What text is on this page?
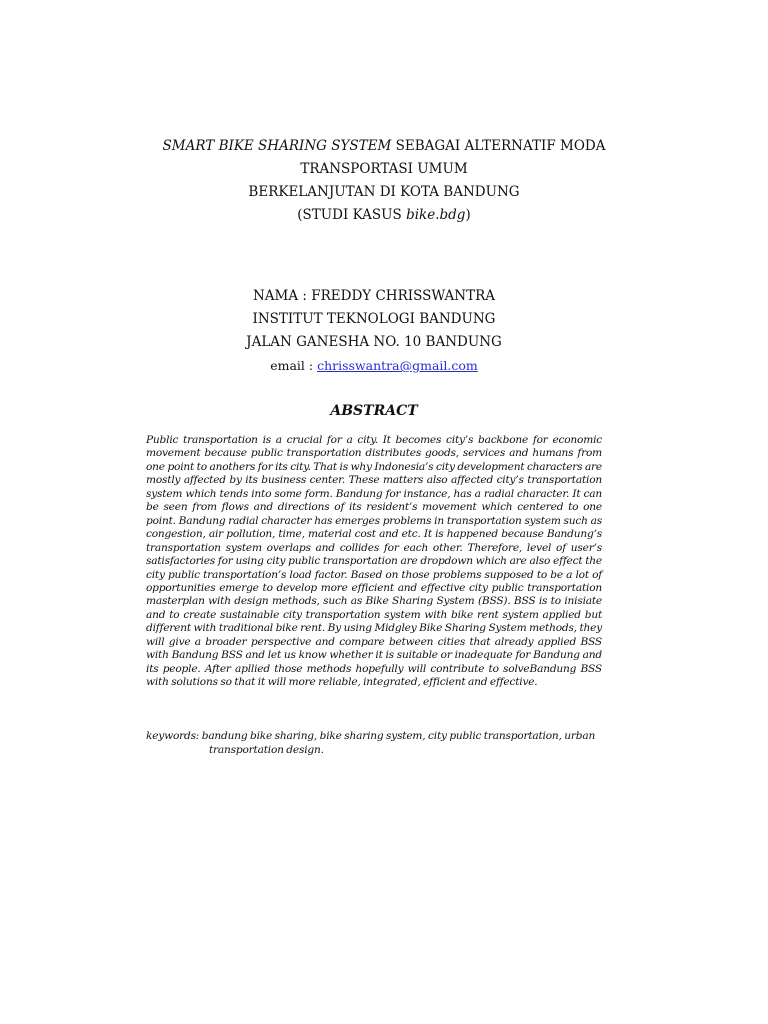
SMART BIKE SHARING SYSTEM SEBAGAI ALTERNATIF MODA
TRANSPORTASI UMUM
BERKELANJUTAN DI KOTA BANDUNG
(STUDI KASUS bike.bdg)
NAMA : FREDDY CHRISSWANTRA
INSTITUT TEKNOLOGI BANDUNG
JALAN GANESHA NO. 10 BANDUNG
email : chrisswantra@gmail.com
ABSTRACT
Public transportation is a crucial for a city. It becomes city’s backbone for economic movement because public transportation distributes goods, services and humans from one point to anothers for its city. That is why Indonesia’s city development characters are mostly affected by its business center. These matters also affected city’s transportation system which tends into some form. Bandung for instance, has a radial character. It can be seen from flows and directions of its resident’s movement which centered to one point. Bandung radial character has emerges problems in transportation system such as congestion, air pollution, time, material cost and etc. It is happened because Bandung’s transportation system overlaps and collides for each other. Therefore, level of user’s satisfactories for using city public transportation are dropdown which are also effect the city public transportation’s load factor. Based on those problems supposed to be a lot of opportunities emerge to develop more efficient and effective city public transportation masterplan with design methods, such as Bike Sharing System (BSS). BSS is to inisiate and to create sustainable city transportation system with bike rent system applied but different with traditional bike rent. By using Midgley Bike Sharing System methods, they will give a broader perspective and compare between cities that already applied BSS with Bandung BSS and let us know whether it is suitable or inadequate for Bandung and its people. After apllied those methods hopefully will contribute to solveBandung BSS with solutions so that it will more reliable, integrated, efficient and effective.
keywords: bandung bike sharing, bike sharing system, city public transportation, urban
transportation design.
